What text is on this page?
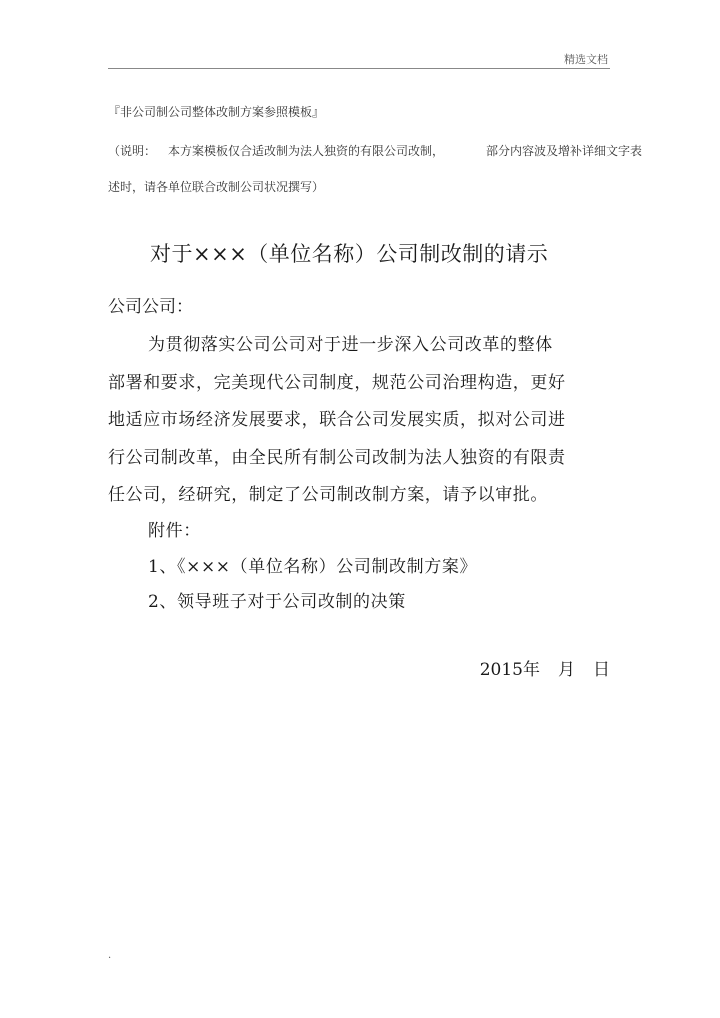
精选文档
『非公司制公司整体改制方案参照模板』
（说明： 本方案模板仅合适改制为法人独资的有限公司改制，	部分内容波及增补详细文字表
述时，请各单位联合改制公司状况撰写）
对于×××（单位名称）公司制改制的请示
公司公司：
为贯彻落实公司公司对于进一步深入公司改革的整体
部署和要求，完美现代公司制度，规范公司治理构造，更好
地适应市场经济发展要求，联合公司发展实质，拟对公司进
行公司制改革，由全民所有制公司改制为法人独资的有限责
任公司，经研究，制定了公司制改制方案，请予以审批。
附件：
1、《×××（单位名称）公司制改制方案》
2、领导班子对于公司改制的决策
2015年 月 日
.
